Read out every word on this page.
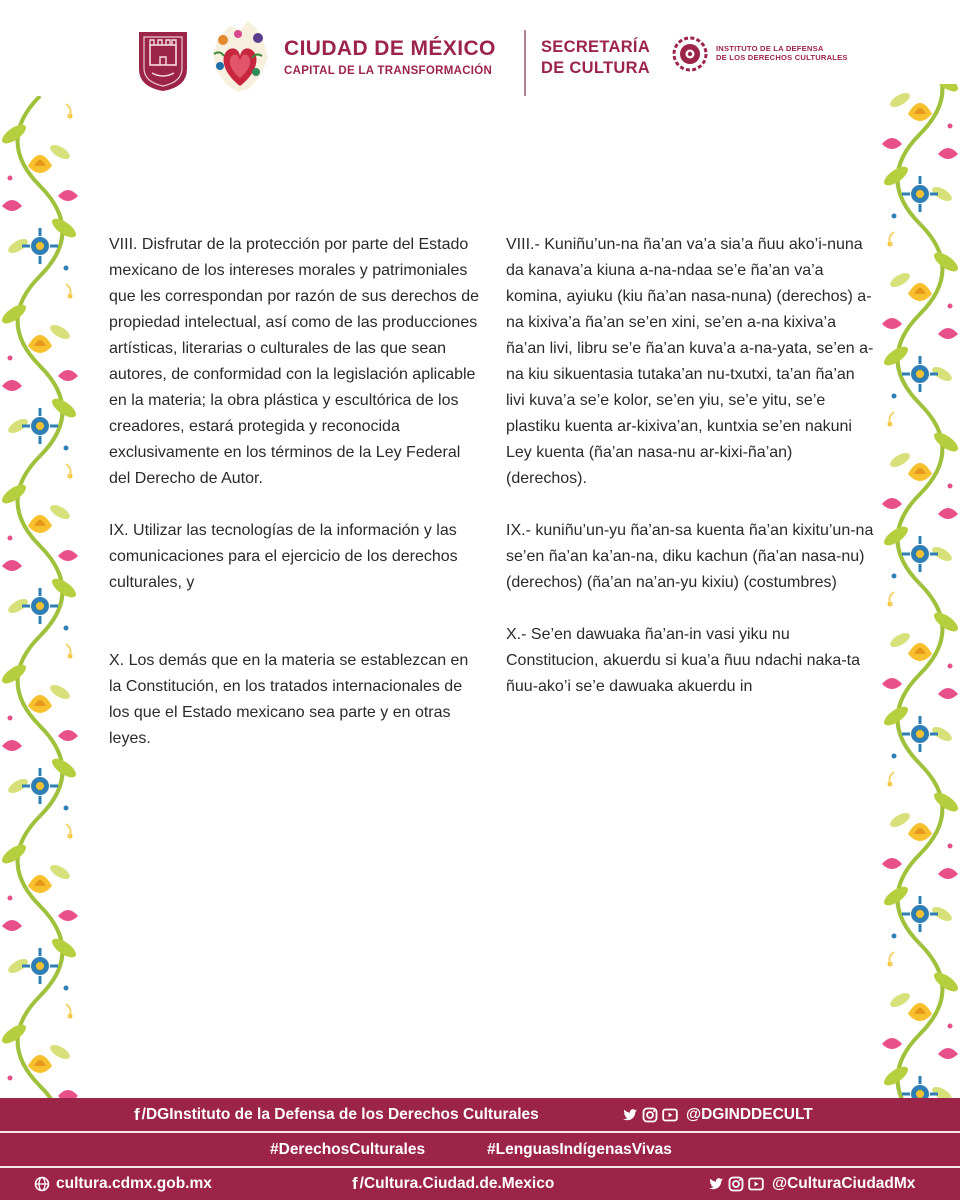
CIUDAD DE MÉXICO
CAPITAL DE LA TRANSFORMACIÓN
SECRETARÍA
DE CULTURA
INSTITUTO DE LA DEFENSA
DE LOS DERECHOS CULTURALES

VIII. Disfrutar de la protección por parte del Estado mexicano de los intereses morales y patrimoniales que les correspondan por razón de sus derechos de propiedad intelectual, así como de las producciones artísticas, literarias o culturales de las que sean autores, de conformidad con la legislación aplicable en la materia; la obra plástica y escultórica de los creadores, estará protegida y reconocida exclusivamente en los términos de la Ley Federal del Derecho de Autor.

IX. Utilizar las tecnologías de la información y las comunicaciones para el ejercicio de los derechos culturales, y

X. Los demás que en la materia se establezcan en la Constitución, en los tratados internacionales de los que el Estado mexicano sea parte y en otras leyes.

VIII.- Kuniñu’un-na ña’an va’a sia’a ñuu ako’i-nuna da kanava’a kiuna a-na-ndaa se’e ña’an va’a komina, ayiuku (kiu ña’an nasa-nuna) (derechos) a-na kixiva’a ña’an se’en xini, se’en a-na kixiva’a ña’an livi, libru se’e ña’an kuva’a a-na-yata, se’en a-na kiu sikuentasia tutaka’an nu-txutxi, ta’an ña’an livi kuva’a se’e kolor, se’en yiu, se’e yitu, se’e plastiku kuenta ar-kixiva’an, kuntxia se’en nakuni Ley kuenta (ña’an nasa-nu ar-kixi-ña’an) (derechos).

IX.- kuniñu’un-yu ña’an-sa kuenta ña’an kixitu’un-na se’en ña’an ka’an-na, diku kachun (ña’an nasa-nu) (derechos) (ña’an na’an-yu kixiu) (costumbres)

X.- Se’en dawuaka ña’an-in vasi yiku nu Constitucion, akuerdu si kua’a ñuu ndachi naka-ta ñuu-ako’i se’e dawuaka akuerdu in

f /DGInstituto de la Defensa de los Derechos Culturales	@DGINDDECULT
#DerechosCulturales	#LenguasIndígenasVivas
cultura.cdmx.gob.mx	f /Cultura.Ciudad.de.Mexico	@CulturaCiudadMx
